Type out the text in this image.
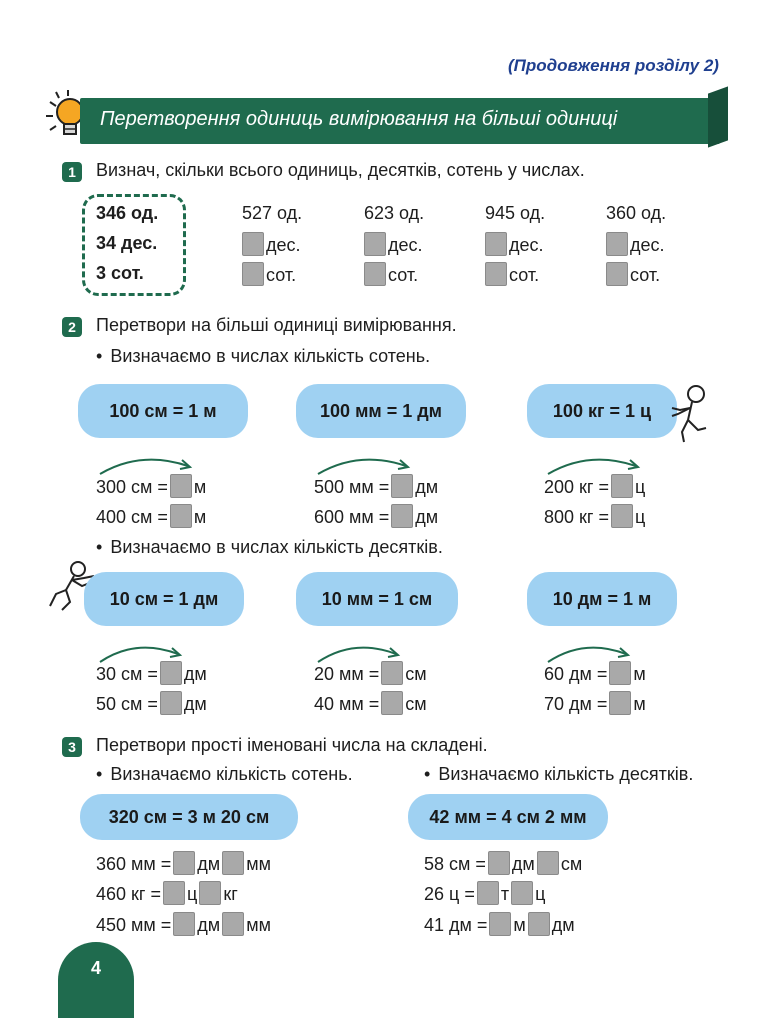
(Продовження розділу 2)
Перетворення одиниць вимірювання на більші одиниці
1	Визнач, скільки всього одиниць, десятків, сотень у числах.
346 од.
34 дес.
3 сот.
527 од.
дес.
сот.
623 од.
дес.
сот.
945 од.
дес.
сот.
360 од.
дес.
сот.
2	Перетвори на більші одиниці вимірювання.
• Визначаємо в числах кількість сотень.
100 см = 1 м	100 мм = 1 дм	100 кг = 1 ц
300 см = м
400 см = м
500 мм = дм
600 мм = дм
200 кг = ц
800 кг = ц
• Визначаємо в числах кількість десятків.
10 см = 1 дм	10 мм = 1 см	10 дм = 1 м
30 см = дм
50 см = дм
20 мм = см
40 мм = см
60 дм = м
70 дм = м
3	Перетвори прості іменовані числа на складені.
• Визначаємо кількість сотень.
•	Визначаємо кількість десятків.
320 см = 3 м 20 см	42 мм = 4 см 2 мм
360 мм = дм мм
460 кг = ц кг
450 мм = дм мм
58 см = дм см
26 ц = т ц
41 дм = м дм
4
